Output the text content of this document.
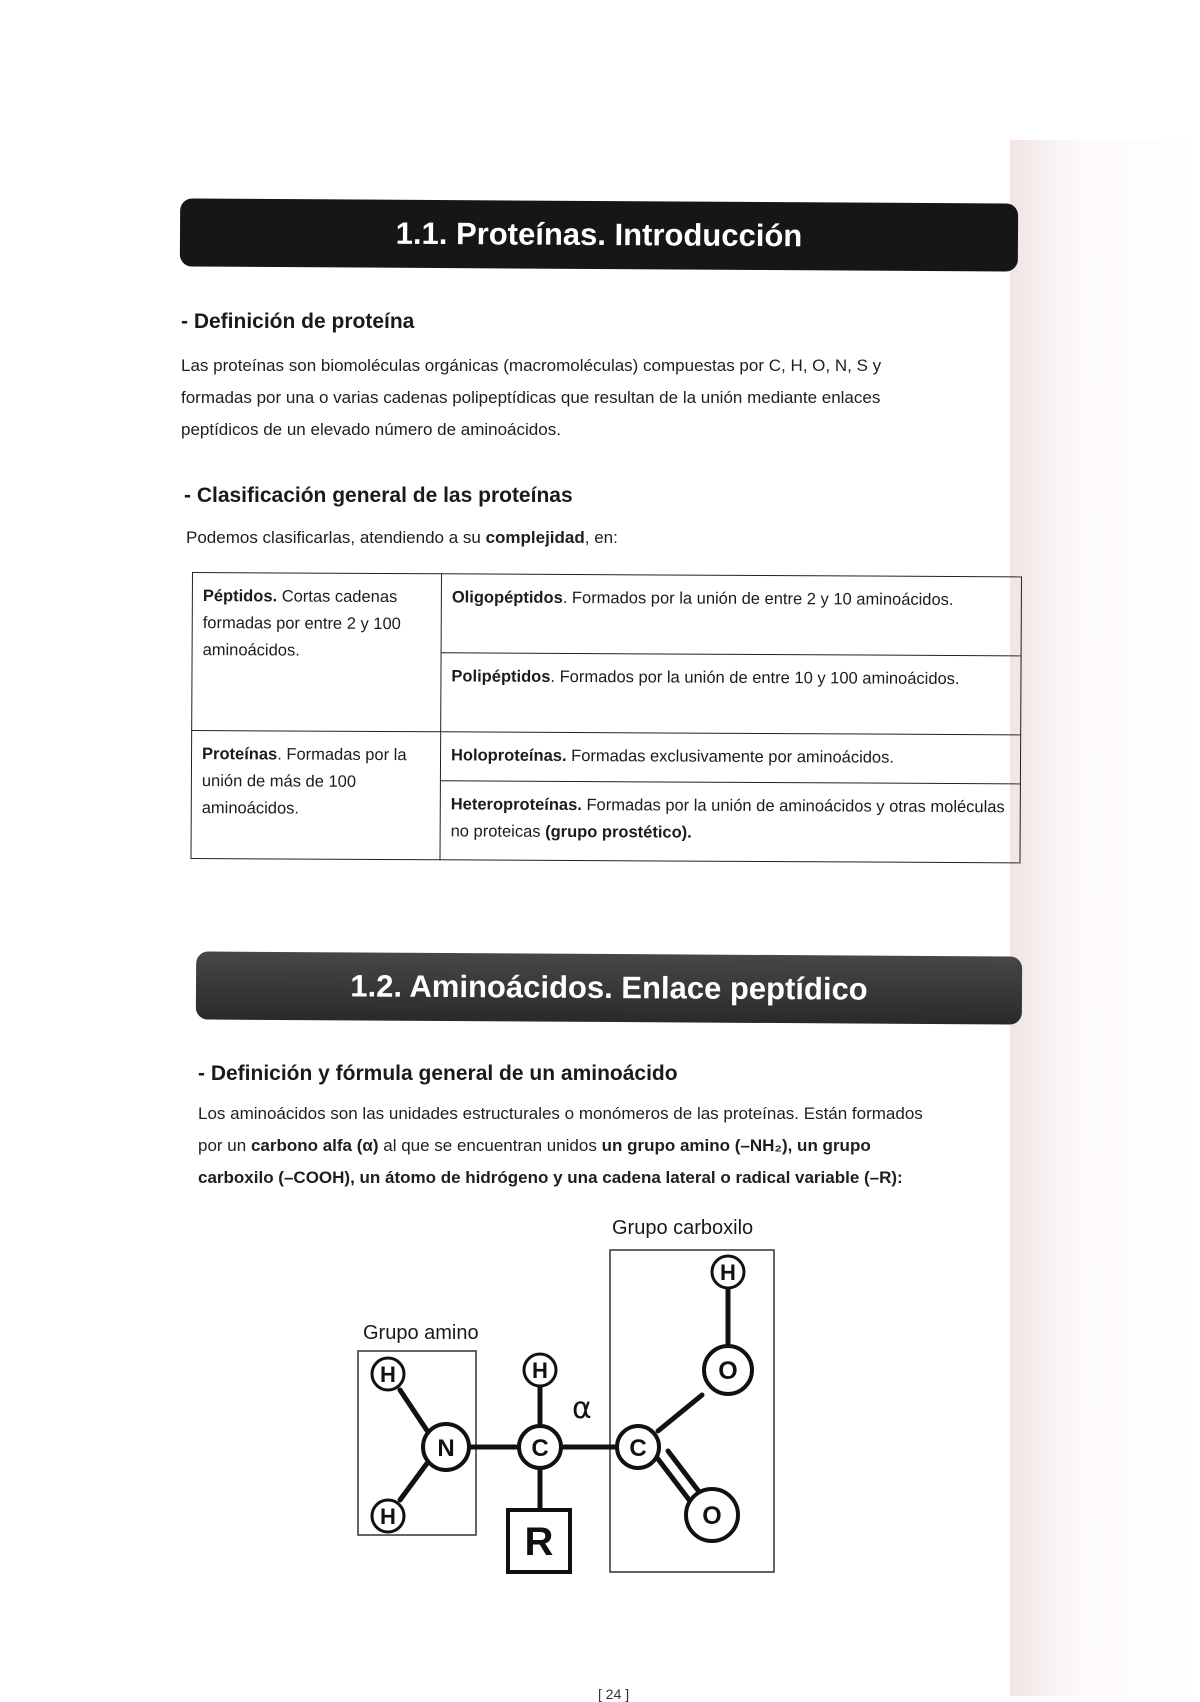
1.1. Proteínas. Introducción
- Definición de proteína
Las proteínas son biomoléculas orgánicas (macromoléculas) compuestas por C, H, O, N, S y
formadas por una o varias cadenas polipeptídicas que resultan de la unión mediante enlaces
peptídicos de un elevado número de aminoácidos.
- Clasificación general de las proteínas
Podemos clasificarlas, atendiendo a su complejidad, en:
Péptidos. Cortas cadenas formadas por entre 2 y 100 aminoácidos.	Oligopéptidos. Formados por la unión de entre 2 y 10 aminoácidos.
	Polipéptidos. Formados por la unión de entre 10 y 100 aminoácidos.
Proteínas. Formadas por la unión de más de 100 aminoácidos.	Holoproteínas. Formadas exclusivamente por aminoácidos.
	Heteroproteínas. Formadas por la unión de aminoácidos y otras moléculas no proteicas (grupo prostético).
1.2. Aminoácidos. Enlace peptídico
- Definición y fórmula general de un aminoácido
Los aminoácidos son las unidades estructurales o monómeros de las proteínas. Están formados
por un carbono alfa (α) al que se encuentran unidos un grupo amino (–NH₂), un grupo
carboxilo (–COOH), un átomo de hidrógeno y una cadena lateral o radical variable (–R):
Grupo carboxilo
Grupo amino
H
O
H
H
N
H
C	C
O
R
α
[ 24 ]
